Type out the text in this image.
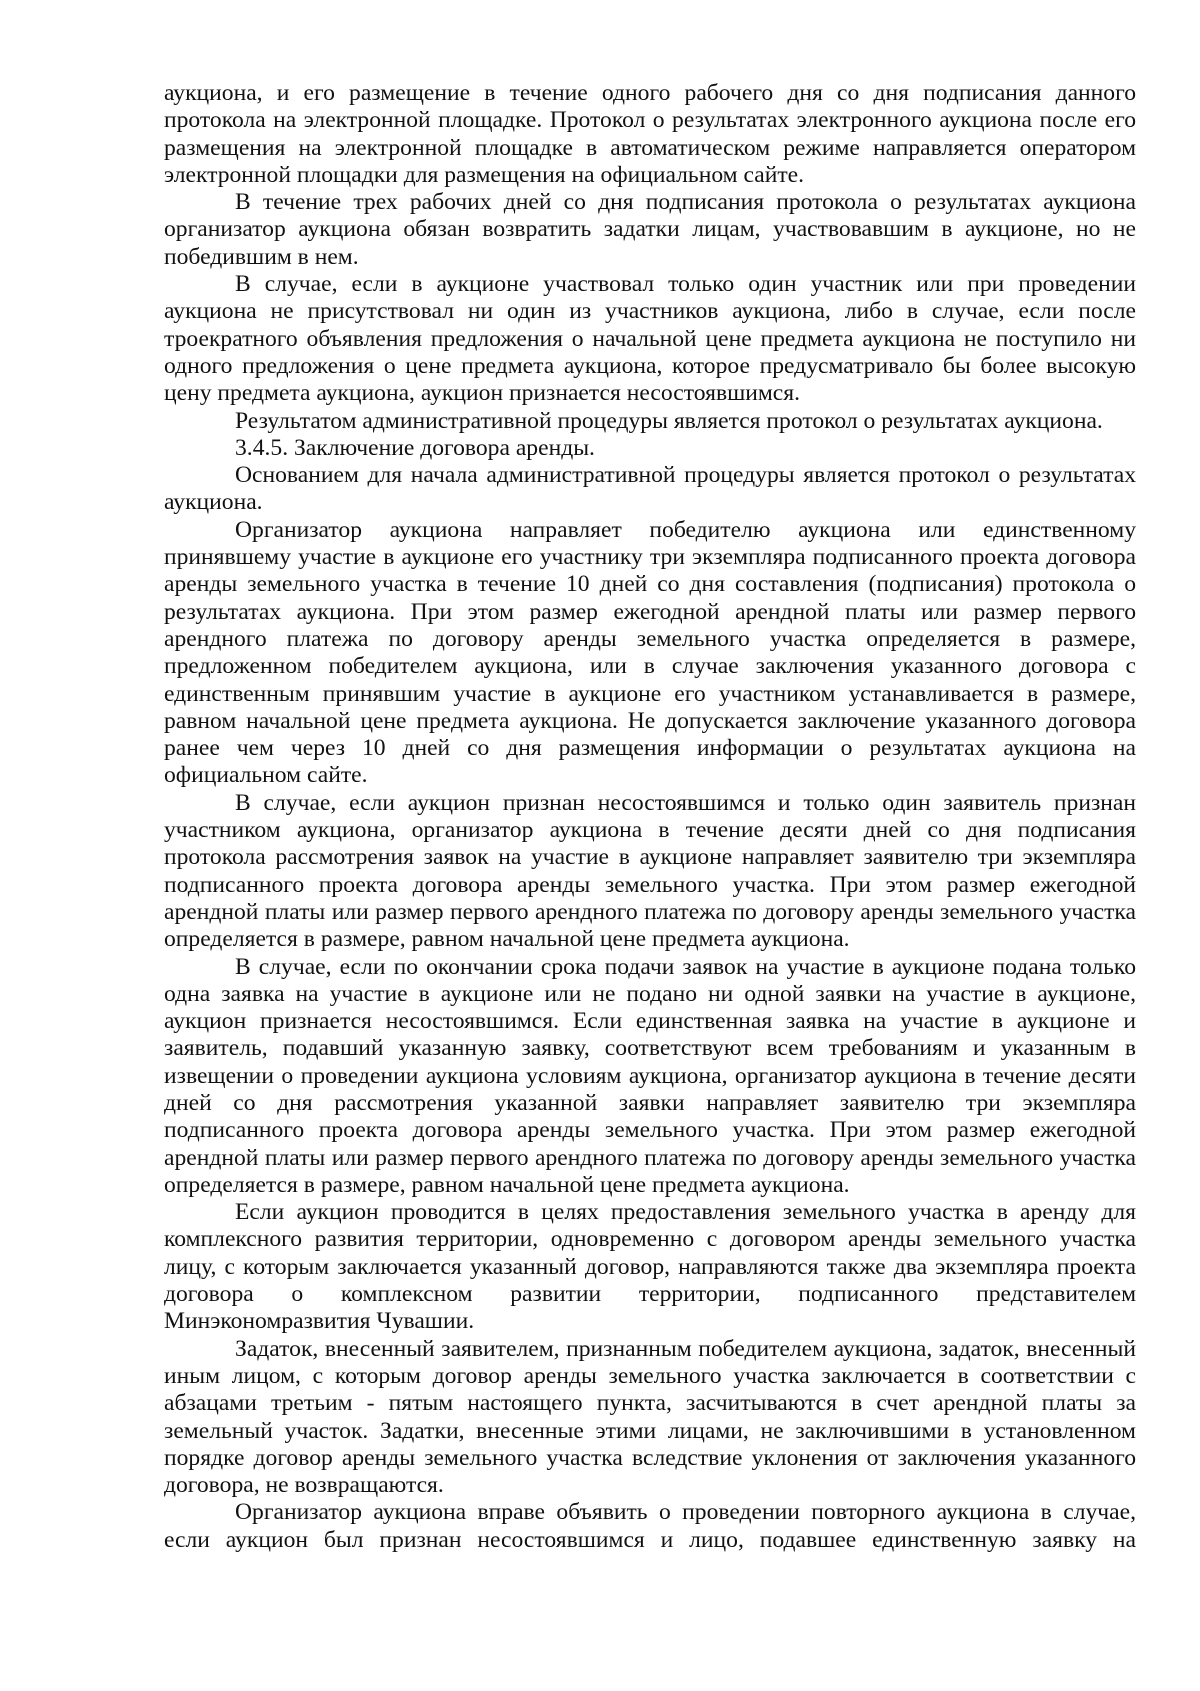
аукциона, и его размещение в течение одного рабочего дня со дня подписания данного протокола на электронной площадке. Протокол о результатах электронного аукциона после его размещения на электронной площадке в автоматическом режиме направляется оператором электронной площадки для размещения на официальном сайте.

В течение трех рабочих дней со дня подписания протокола о результатах аукциона организатор аукциона обязан возвратить задатки лицам, участвовавшим в аукционе, но не победившим в нем.

В случае, если в аукционе участвовал только один участник или при проведении аукциона не присутствовал ни один из участников аукциона, либо в случае, если после троекратного объявления предложения о начальной цене предмета аукциона не поступило ни одного предложения о цене предмета аукциона, которое предусматривало бы более высокую цену предмета аукциона, аукцион признается несостоявшимся.

Результатом административной процедуры является протокол о результатах аукциона.

3.4.5. Заключение договора аренды.

Основанием для начала административной процедуры является протокол о результатах аукциона.

Организатор аукциона направляет победителю аукциона или единственному принявшему участие в аукционе его участнику три экземпляра подписанного проекта договора аренды земельного участка в течение 10 дней со дня составления (подписания) протокола о результатах аукциона. При этом размер ежегодной арендной платы или размер первого арендного платежа по договору аренды земельного участка определяется в размере, предложенном победителем аукциона, или в случае заключения указанного договора с единственным принявшим участие в аукционе его участником устанавливается в размере, равном начальной цене предмета аукциона. Не допускается заключение указанного договора ранее чем через 10 дней со дня размещения информации о результатах аукциона на официальном сайте.

В случае, если аукцион признан несостоявшимся и только один заявитель признан участником аукциона, организатор аукциона в течение десяти дней со дня подписания протокола рассмотрения заявок на участие в аукционе направляет заявителю три экземпляра подписанного проекта договора аренды земельного участка. При этом размер ежегодной арендной платы или размер первого арендного платежа по договору аренды земельного участка определяется в размере, равном начальной цене предмета аукциона.

В случае, если по окончании срока подачи заявок на участие в аукционе подана только одна заявка на участие в аукционе или не подано ни одной заявки на участие в аукционе, аукцион признается несостоявшимся. Если единственная заявка на участие в аукционе и заявитель, подавший указанную заявку, соответствуют всем требованиям и указанным в извещении о проведении аукциона условиям аукциона, организатор аукциона в течение десяти дней со дня рассмотрения указанной заявки направляет заявителю три экземпляра подписанного проекта договора аренды земельного участка. При этом размер ежегодной арендной платы или размер первого арендного платежа по договору аренды земельного участка определяется в размере, равном начальной цене предмета аукциона.

Если аукцион проводится в целях предоставления земельного участка в аренду для комплексного развития территории, одновременно с договором аренды земельного участка лицу, с которым заключается указанный договор, направляются также два экземпляра проекта договора о комплексном развитии территории, подписанного представителем Минэкономразвития Чувашии.

Задаток, внесенный заявителем, признанным победителем аукциона, задаток, внесенный иным лицом, с которым договор аренды земельного участка заключается в соответствии с абзацами третьим - пятым настоящего пункта, засчитываются в счет арендной платы за земельный участок. Задатки, внесенные этими лицами, не заключившими в установленном порядке договор аренды земельного участка вследствие уклонения от заключения указанного договора, не возвращаются.

Организатор аукциона вправе объявить о проведении повторного аукциона в случае, если аукцион был признан несостоявшимся и лицо, подавшее единственную заявку на
